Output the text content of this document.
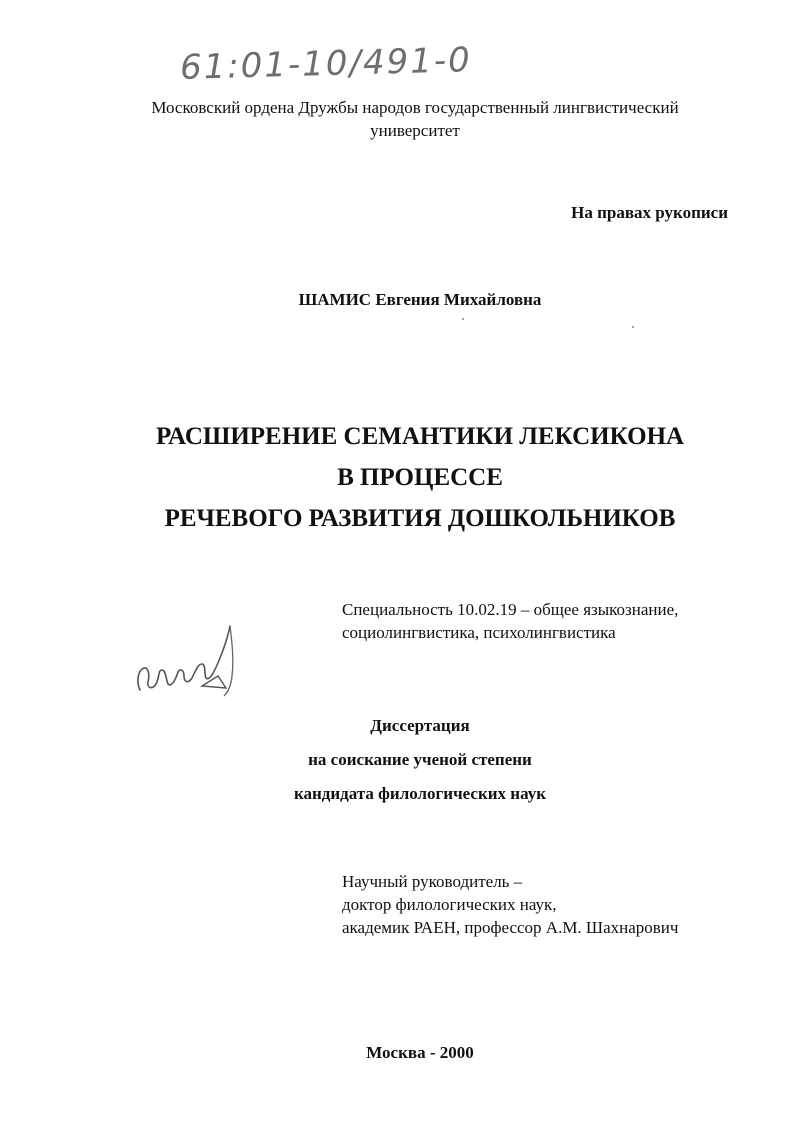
61:01-10/491-0
Московский ордена Дружбы народов государственный лингвистический
университет
На правах рукописи
ШАМИС Евгения Михайловна
РАСШИРЕНИЕ СЕМАНТИКИ ЛЕКСИКОНА
В ПРОЦЕССЕ
РЕЧЕВОГО РАЗВИТИЯ ДОШКОЛЬНИКОВ
Специальность 10.02.19 – общее языкознание,
социолингвистика, психолингвистика
Диссертация
на соискание ученой степени
кандидата филологических наук
Научный руководитель –
доктор филологических наук,
академик РАЕН, профессор А.М. Шахнарович
Москва - 2000
